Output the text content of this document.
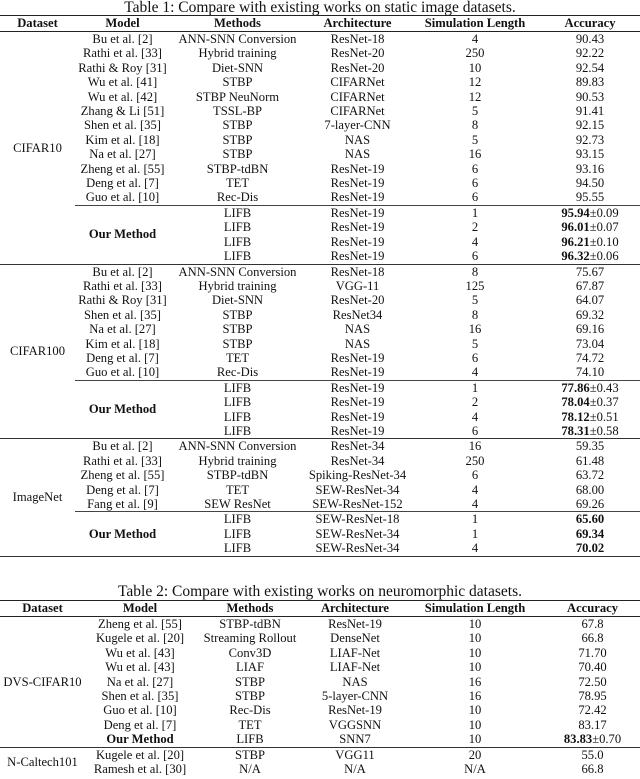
Table 1: Compare with existing works on static image datasets.
Dataset	Model	Methods	Architecture	Simulation Length	Accuracy
CIFAR10	Bu et al. [2]	ANN-SNN Conversion	ResNet-18	4	90.43
	Rathi et al. [33]	Hybrid training	ResNet-20	250	92.22
	Rathi & Roy [31]	Diet-SNN	ResNet-20	10	92.54
	Wu et al. [41]	STBP	CIFARNet	12	89.83
	Wu et al. [42]	STBP NeuNorm	CIFARNet	12	90.53
	Zhang & Li [51]	TSSL-BP	CIFARNet	5	91.41
	Shen et al. [35]	STBP	7-layer-CNN	8	92.15
	Kim et al. [18]	STBP	NAS	5	92.73
	Na et al. [27]	STBP	NAS	16	93.15
	Zheng et al. [55]	STBP-tdBN	ResNet-19	6	93.16
	Deng et al. [7]	TET	ResNet-19	6	94.50
	Guo et al. [10]	Rec-Dis	ResNet-19	6	95.55
	Our Method	LIFB	ResNet-19	1	95.94±0.09
		LIFB	ResNet-19	2	96.01±0.07
		LIFB	ResNet-19	4	96.21±0.10
		LIFB	ResNet-19	6	96.32±0.06
CIFAR100	Bu et al. [2]	ANN-SNN Conversion	ResNet-18	8	75.67
	Rathi et al. [33]	Hybrid training	VGG-11	125	67.87
	Rathi & Roy [31]	Diet-SNN	ResNet-20	5	64.07
	Shen et al. [35]	STBP	ResNet34	8	69.32
	Na et al. [27]	STBP	NAS	16	69.16
	Kim et al. [18]	STBP	NAS	5	73.04
	Deng et al. [7]	TET	ResNet-19	6	74.72
	Guo et al. [10]	Rec-Dis	ResNet-19	4	74.10
	Our Method	LIFB	ResNet-19	1	77.86±0.43
		LIFB	ResNet-19	2	78.04±0.37
		LIFB	ResNet-19	4	78.12±0.51
		LIFB	ResNet-19	6	78.31±0.58
ImageNet	Bu et al. [2]	ANN-SNN Conversion	ResNet-34	16	59.35
	Rathi et al. [33]	Hybrid training	ResNet-34	250	61.48
	Zheng et al. [55]	STBP-tdBN	Spiking-ResNet-34	6	63.72
	Deng et al. [7]	TET	SEW-ResNet-34	4	68.00
	Fang et al. [9]	SEW ResNet	SEW-ResNet-152	4	69.26
	Our Method	LIFB	SEW-ResNet-18	1	65.60
		LIFB	SEW-ResNet-34	1	69.34
		LIFB	SEW-ResNet-34	4	70.02
Table 2: Compare with existing works on neuromorphic datasets.
Dataset	Model	Methods	Architecture	Simulation Length	Accuracy
DVS-CIFAR10	Zheng et al. [55]	STBP-tdBN	ResNet-19	10	67.8
	Kugele et al. [20]	Streaming Rollout	DenseNet	10	66.8
	Wu et al. [43]	Conv3D	LIAF-Net	10	71.70
	Wu et al. [43]	LIAF	LIAF-Net	10	70.40
	Na et al. [27]	STBP	NAS	16	72.50
	Shen et al. [35]	STBP	5-layer-CNN	16	78.95
	Guo et al. [10]	Rec-Dis	ResNet-19	10	72.42
	Deng et al. [7]	TET	VGGSNN	10	83.17
	Our Method	LIFB	SNN7	10	83.83±0.70
N-Caltech101	Kugele et al. [20]	STBP	VGG11	20	55.0
	Ramesh et al. [30]	N/A	N/A	N/A	66.8
